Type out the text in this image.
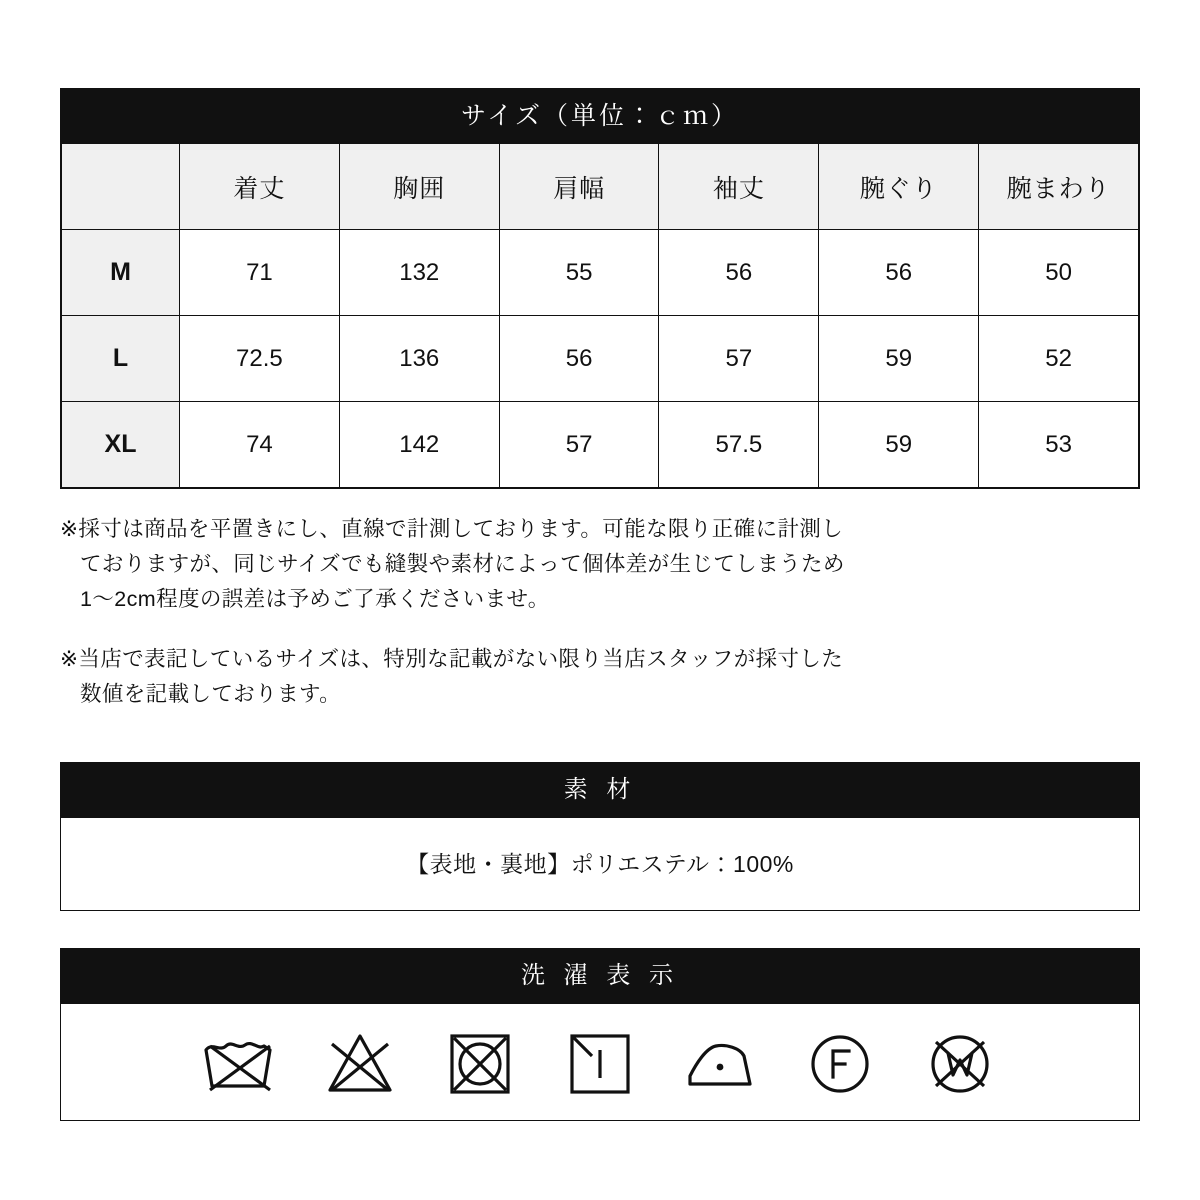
サイズ（単位：ｃｍ）
	着丈	胸囲	肩幅	袖丈	腕ぐり	腕まわり
M	71	132	55	56	56	50
L	72.5	136	56	57	59	52
XL	74	142	57	57.5	59	53

※採寸は商品を平置きにし、直線で計測しております。可能な限り正確に計測し
ておりますが、同じサイズでも縫製や素材によって個体差が生じてしまうため
1〜2cm程度の誤差は予めご了承くださいませ。

※当店で表記しているサイズは、特別な記載がない限り当店スタッフが採寸した
数値を記載しております。

素 材
【表地・裏地】ポリエステル：100%
洗 濯 表 示
